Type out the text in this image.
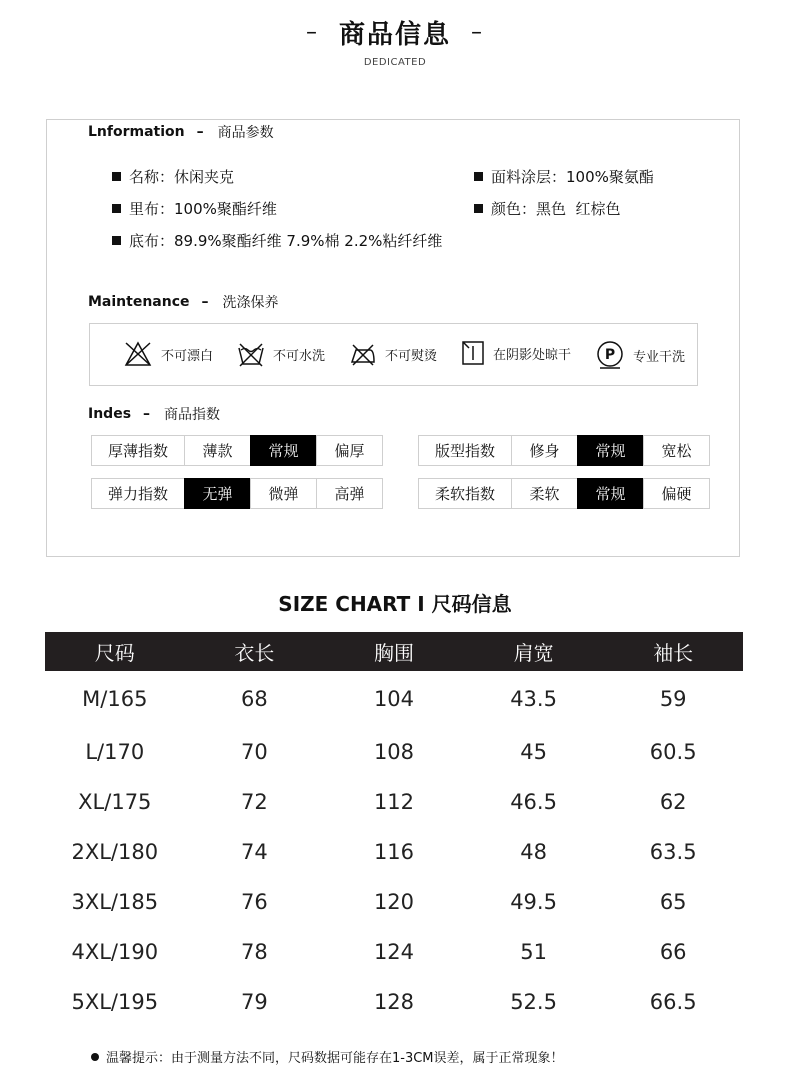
– 商品信息 –
DEDICATED
Lnformation – 商品参数
名称：休闲夹克
里布：100%聚酯纤维
底布：89.9%聚酯纤维 7.9%棉 2.2%粘纤纤维
面料涂层：100%聚氨酯
颜色：黑色  红棕色
Maintenance – 洗涤保养
不可漂白	不可水洗	不可熨烫	在阴影处晾干 P 专业干洗
Indes – 商品指数
厚薄指数	薄款	常规	偏厚	版型指数	修身	常规	宽松
弹力指数	无弹	微弹	高弹	柔软指数	柔软	常规	偏硬
SIZE CHART Ⅰ 尺码信息
尺码	衣长	胸围	肩宽	袖长
M/165	68	104	43.5	59
L/170	70	108	45	60.5
XL/175	72	112	46.5	62
2XL/180	74	116	48	63.5
3XL/185	76	120	49.5	65
4XL/190	78	124	51	66
5XL/195	79	128	52.5	66.5
温馨提示：由于测量方法不同，尺码数据可能存在1-3CM误差，属于正常现象！
